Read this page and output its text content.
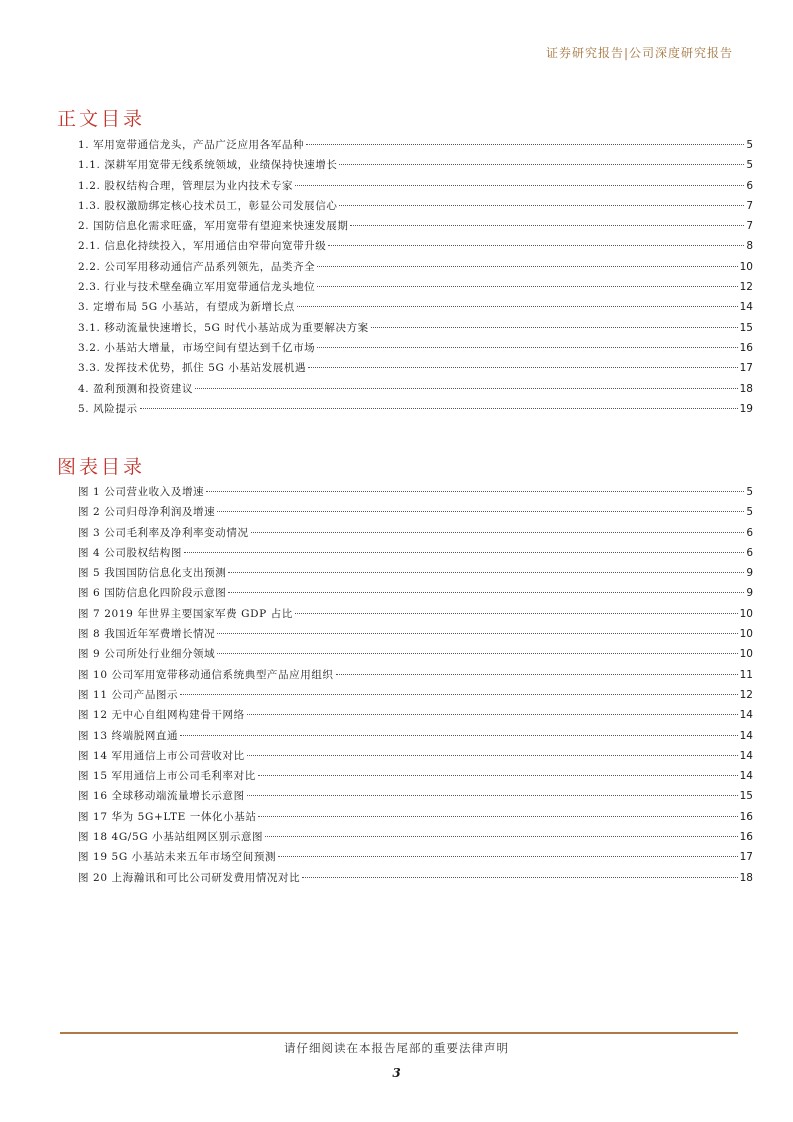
证券研究报告|公司深度研究报告
正文目录
1. 军用宽带通信龙头，产品广泛应用各军品种	5
1.1. 深耕军用宽带无线系统领域，业绩保持快速增长	5
1.2. 股权结构合理，管理层为业内技术专家	6
1.3. 股权激励绑定核心技术员工，彰显公司发展信心	7
2. 国防信息化需求旺盛，军用宽带有望迎来快速发展期	7
2.1. 信息化持续投入，军用通信由窄带向宽带升级	8
2.2. 公司军用移动通信产品系列领先，品类齐全	10
2.3. 行业与技术壁垒确立军用宽带通信龙头地位	12
3. 定增布局 5G 小基站，有望成为新增长点	14
3.1. 移动流量快速增长，5G 时代小基站成为重要解决方案	15
3.2. 小基站大增量，市场空间有望达到千亿市场	16
3.3. 发挥技术优势，抓住 5G 小基站发展机遇	17
4. 盈利预测和投资建议	18
5. 风险提示	19
图表目录
图 1 公司营业收入及增速	5
图 2 公司归母净利润及增速	5
图 3 公司毛利率及净利率变动情况	6
图 4 公司股权结构图	6
图 5 我国国防信息化支出预测	9
图 6 国防信息化四阶段示意图	9
图 7 2019 年世界主要国家军费 GDP 占比	10
图 8 我国近年军费增长情况	10
图 9 公司所处行业细分领域	10
图 10 公司军用宽带移动通信系统典型产品应用组织	11
图 11 公司产品图示	12
图 12 无中心自组网构建骨干网络	14
图 13 终端脱网直通	14
图 14 军用通信上市公司营收对比	14
图 15 军用通信上市公司毛利率对比	14
图 16 全球移动端流量增长示意图	15
图 17 华为 5G+LTE 一体化小基站	16
图 18 4G/5G 小基站组网区别示意图	16
图 19 5G 小基站未来五年市场空间预测	17
图 20 上海瀚讯和可比公司研发费用情况对比	18
请仔细阅读在本报告尾部的重要法律声明
3
